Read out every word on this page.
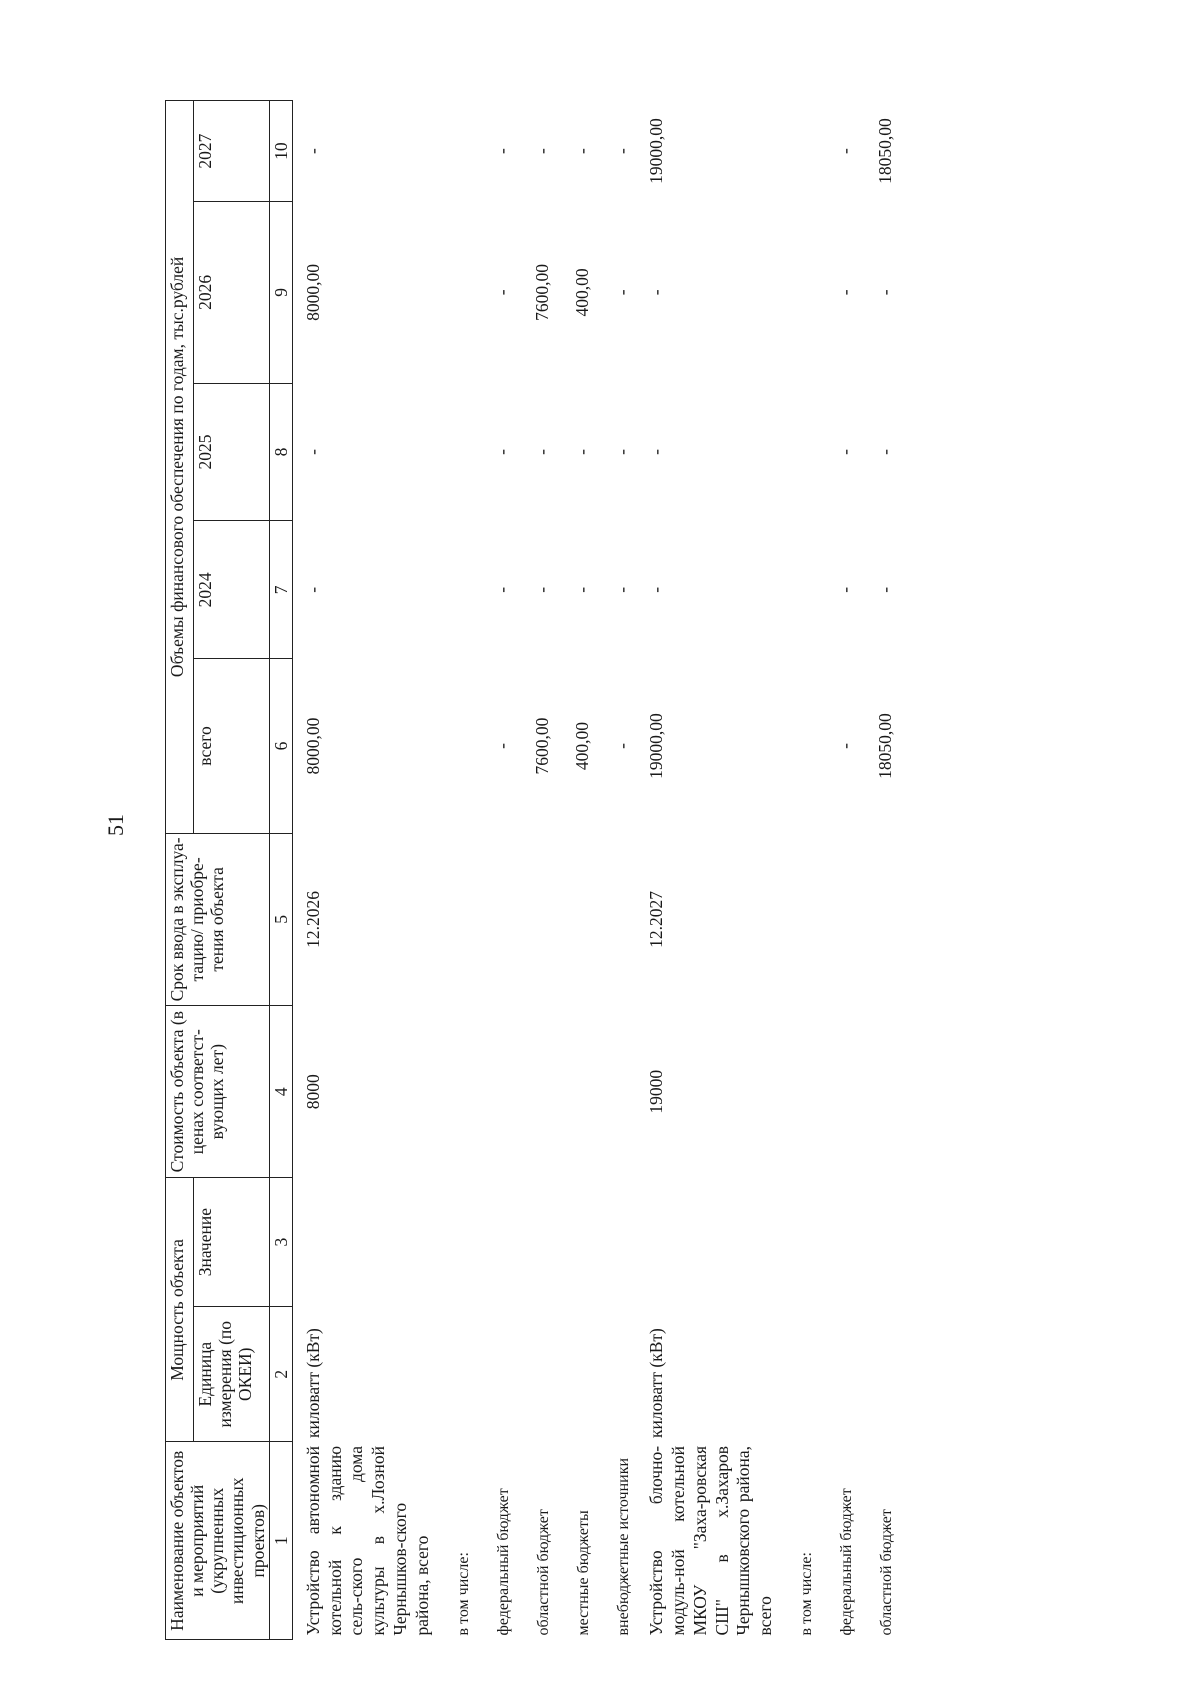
51
Наименование объектов и мероприятий (укрупненных инвестиционных проектов)	Мощность объекта		Стоимость объекта (в ценах соответст-вующих лет)	Срок ввода в эксплуа-тацию/ приобре-тения объекта	Объемы финансового обеспечения по годам, тыс.рублей				
	Единица измерения (по ОКЕИ)	Значение			всего	2024	2025	2026	2027
1	2	3	4	5	6	7	8	9	10
Устройство автономной котельной к зданию сель-ского дома культуры в х.Лозной Чернышков-ского района, всего	киловатт (кВт)		8000	12.2026	8000,00	-	-	8000,00	-
в том числе:									
федеральный бюджет					-	-	-	-	-
областной бюджет					7600,00	-	-	7600,00	-
местные бюджеты					400,00	-	-	400,00	-
внебюджетные источники					-	-	-	-	-
Устройство блочно-модуль-ной котельной МКОУ "Заха-ровская СШ" в х.Захаров Чернышковского района, всего	киловатт (кВт)		19000	12.2027	19000,00	-	-	-	19000,00
в том числе:									
федеральный бюджет					-	-	-	-	-
областной бюджет					18050,00	-	-	-	18050,00
